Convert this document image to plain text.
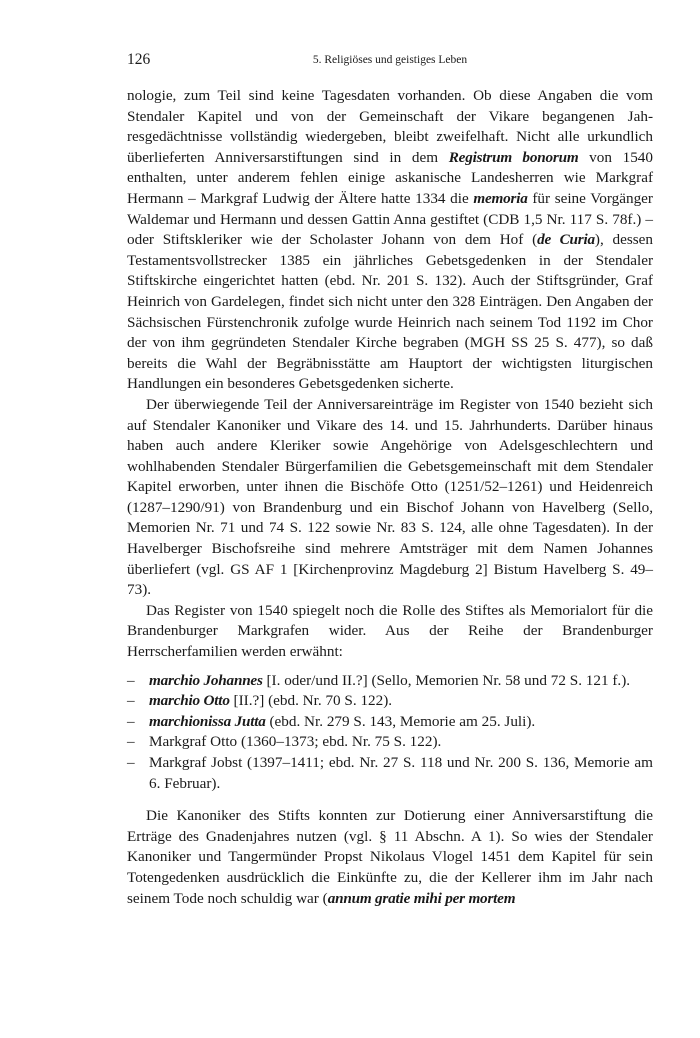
126	5. Religiöses und geistiges Leben

nologie, zum Teil sind keine Tagesdaten vorhanden. Ob diese Angaben die vom Stendaler Kapitel und von der Gemeinschaft der Vikare begangenen Jahresgedächtnisse vollständig wiedergeben, bleibt zweifelhaft. Nicht alle urkundlich überlieferten Anniversarstiftungen sind in dem Registrum bonorum von 1540 enthalten, unter anderem fehlen einige askanische Landesherren wie Markgraf Hermann – Markgraf Ludwig der Ältere hatte 1334 die memoria für seine Vorgänger Waldemar und Hermann und dessen Gattin Anna gestiftet (CDB 1,5 Nr. 117 S. 78f.) – oder Stiftskleriker wie der Scholaster Johann von dem Hof (de Curia), dessen Testamentsvollstrecker 1385 ein jährliches Gebetsgedenken in der Stendaler Stiftskirche eingerichtet hatten (ebd. Nr. 201 S. 132). Auch der Stiftsgründer, Graf Heinrich von Gardelegen, findet sich nicht unter den 328 Einträgen. Den Angaben der Sächsischen Fürstenchronik zufolge wurde Heinrich nach seinem Tod 1192 im Chor der von ihm gegründeten Stendaler Kirche begraben (MGH SS 25 S. 477), so daß bereits die Wahl der Begräbnisstätte am Hauptort der wichtigsten liturgischen Handlungen ein besonderes Gebetsgedenken sicherte.

Der überwiegende Teil der Anniversareinträge im Register von 1540 bezieht sich auf Stendaler Kanoniker und Vikare des 14. und 15. Jahrhunderts. Darüber hinaus haben auch andere Kleriker sowie Angehörige von Adelsgeschlechtern und wohlhabenden Stendaler Bürgerfamilien die Gebetsgemeinschaft mit dem Stendaler Kapitel erworben, unter ihnen die Bischöfe Otto (1251/52–1261) und Heidenreich (1287–1290/91) von Brandenburg und ein Bischof Johann von Havelberg (Sello, Memorien Nr. 71 und 74 S. 122 sowie Nr. 83 S. 124, alle ohne Tagesdaten). In der Havelberger Bischofsreihe sind mehrere Amtsträger mit dem Namen Johannes überliefert (vgl. GS AF 1 [Kirchenprovinz Magdeburg 2] Bistum Havelberg S. 49–73).

Das Register von 1540 spiegelt noch die Rolle des Stiftes als Memorialort für die Brandenburger Markgrafen wider. Aus der Reihe der Brandenburger Herrscherfamilien werden erwähnt:

– marchio Johannes [I. oder/und II.?] (Sello, Memorien Nr. 58 und 72 S. 121 f.).
– marchio Otto [II.?] (ebd. Nr. 70 S. 122).
– marchionissa Jutta (ebd. Nr. 279 S. 143, Memorie am 25. Juli).
– Markgraf Otto (1360–1373; ebd. Nr. 75 S. 122).
– Markgraf Jobst (1397–1411; ebd. Nr. 27 S. 118 und Nr. 200 S. 136, Memorie am 6. Februar).

Die Kanoniker des Stifts konnten zur Dotierung einer Anniversarstiftung die Erträge des Gnadenjahres nutzen (vgl. § 11 Abschn. A 1). So wies der Stendaler Kanoniker und Tangermünder Propst Nikolaus Vlogel 1451 dem Kapitel für sein Totengedenken ausdrücklich die Einkünfte zu, die der Kellerer ihm im Jahr nach seinem Tode noch schuldig war (annum gratie mihi per mortem
